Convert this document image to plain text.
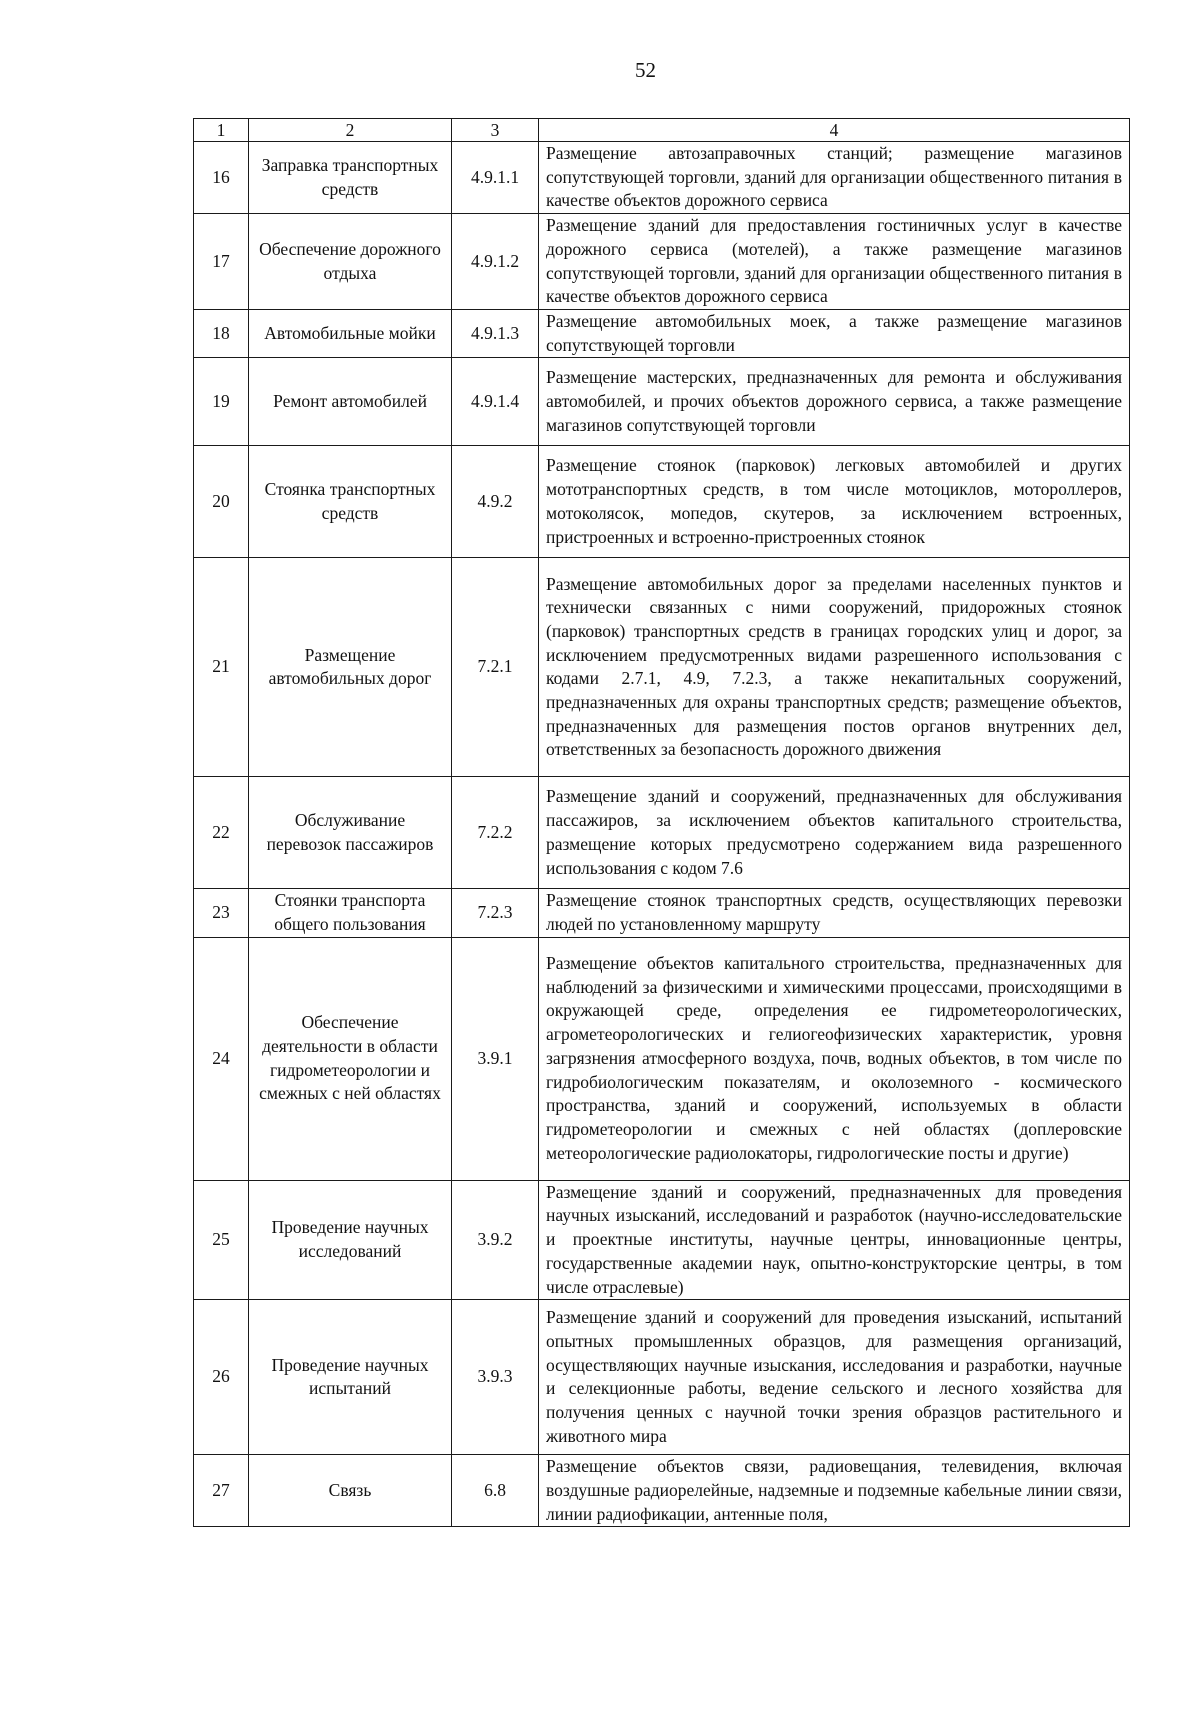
52
1	2	3	4
16	Заправка транспортных средств	4.9.1.1	Размещение автозаправочных станций; размещение магазинов сопутствующей торговли, зданий для организации общественного питания в качестве объектов дорожного сервиса
17	Обеспечение дорожного отдыха	4.9.1.2	Размещение зданий для предоставления гостиничных услуг в качестве дорожного сервиса (мотелей), а также размещение магазинов сопутствующей торговли, зданий для организации общественного питания в качестве объектов дорожного сервиса
18	Автомобильные мойки	4.9.1.3	Размещение автомобильных моек, а также размещение магазинов сопутствующей торговли
19	Ремонт автомобилей	4.9.1.4	Размещение мастерских, предназначенных для ремонта и обслуживания автомобилей, и прочих объектов дорожного сервиса, а также размещение магазинов сопутствующей торговли
20	Стоянка транспортных средств	4.9.2	Размещение стоянок (парковок) легковых автомобилей и других мототранспортных средств, в том числе мотоциклов, мотороллеров, мотоколясок, мопедов, скутеров, за исключением встроенных, пристроенных и встроенно-пристроенных стоянок
21	Размещение автомобильных дорог	7.2.1	Размещение автомобильных дорог за пределами населенных пунктов и технически связанных с ними сооружений, придорожных стоянок (парковок) транспортных средств в границах городских улиц и дорог, за исключением предусмотренных видами разрешенного использования с кодами 2.7.1, 4.9, 7.2.3, а также некапитальных сооружений, предназначенных для охраны транспортных средств; размещение объектов, предназначенных для размещения постов органов внутренних дел, ответственных за безопасность дорожного движения
22	Обслуживание перевозок пассажиров	7.2.2	Размещение зданий и сооружений, предназначенных для обслуживания пассажиров, за исключением объектов капитального строительства, размещение которых предусмотрено содержанием вида разрешенного использования с кодом 7.6
23	Стоянки транспорта общего пользования	7.2.3	Размещение стоянок транспортных средств, осуществляющих перевозки людей по установленному маршруту
24	Обеспечение деятельности в области гидрометеорологии и смежных с ней областях	3.9.1	Размещение объектов капитального строительства, предназначенных для наблюдений за физическими и химическими процессами, происходящими в окружающей среде, определения ее гидрометеорологических, агрометеорологических и гелиогеофизических характеристик, уровня загрязнения атмосферного воздуха, почв, водных объектов, в том числе по гидробиологическим показателям, и околоземного - космического пространства, зданий и сооружений, используемых в области гидрометеорологии и смежных с ней областях (доплеровские метеорологические радиолокаторы, гидрологические посты и другие)
25	Проведение научных исследований	3.9.2	Размещение зданий и сооружений, предназначенных для проведения научных изысканий, исследований и разработок (научно-исследовательские и проектные институты, научные центры, инновационные центры, государственные академии наук, опытно-конструкторские центры, в том числе отраслевые)
26	Проведение научных испытаний	3.9.3	Размещение зданий и сооружений для проведения изысканий, испытаний опытных промышленных образцов, для размещения организаций, осуществляющих научные изыскания, исследования и разработки, научные и селекционные работы, ведение сельского и лесного хозяйства для получения ценных с научной точки зрения образцов растительного и животного мира
27	Связь	6.8	Размещение объектов связи, радиовещания, телевидения, включая воздушные радиорелейные, надземные и подземные кабельные линии связи, линии радиофикации, антенные поля,
